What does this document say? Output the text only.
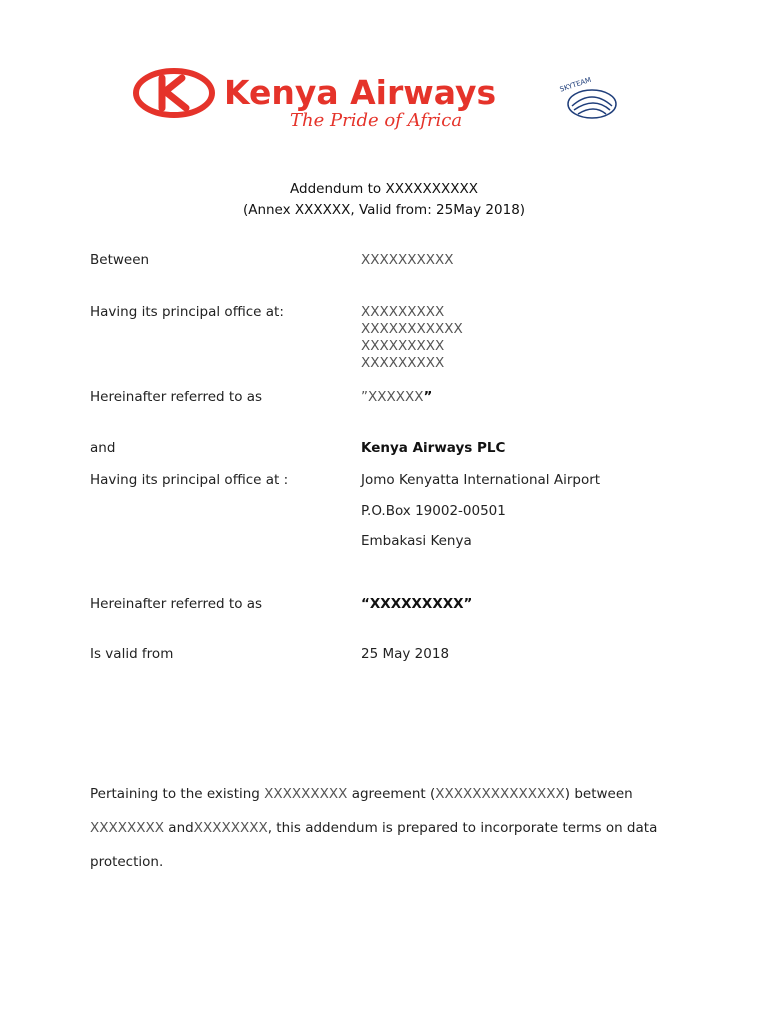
Kenya Airways
The Pride of Africa
SKYTEAM
Addendum to XXXXXXXXXX
(Annex XXXXXX, Valid from: 25May 2018)
Between	XXXXXXXXXX
Having its principal office at:	XXXXXXXXX
XXXXXXXXXXX
XXXXXXXXX
XXXXXXXXX
Hereinafter referred to as	”XXXXXX”
and	Kenya Airways PLC
Having its principal office at :	Jomo Kenyatta International Airport
P.O.Box 19002-00501
Embakasi Kenya
Hereinafter referred to as	“XXXXXXXXX”
Is valid from	25 May 2018
Pertaining to the existing XXXXXXXXX agreement (XXXXXXXXXXXXXX) between
XXXXXXXX andXXXXXXXX, this addendum is prepared to incorporate terms on data protection.
